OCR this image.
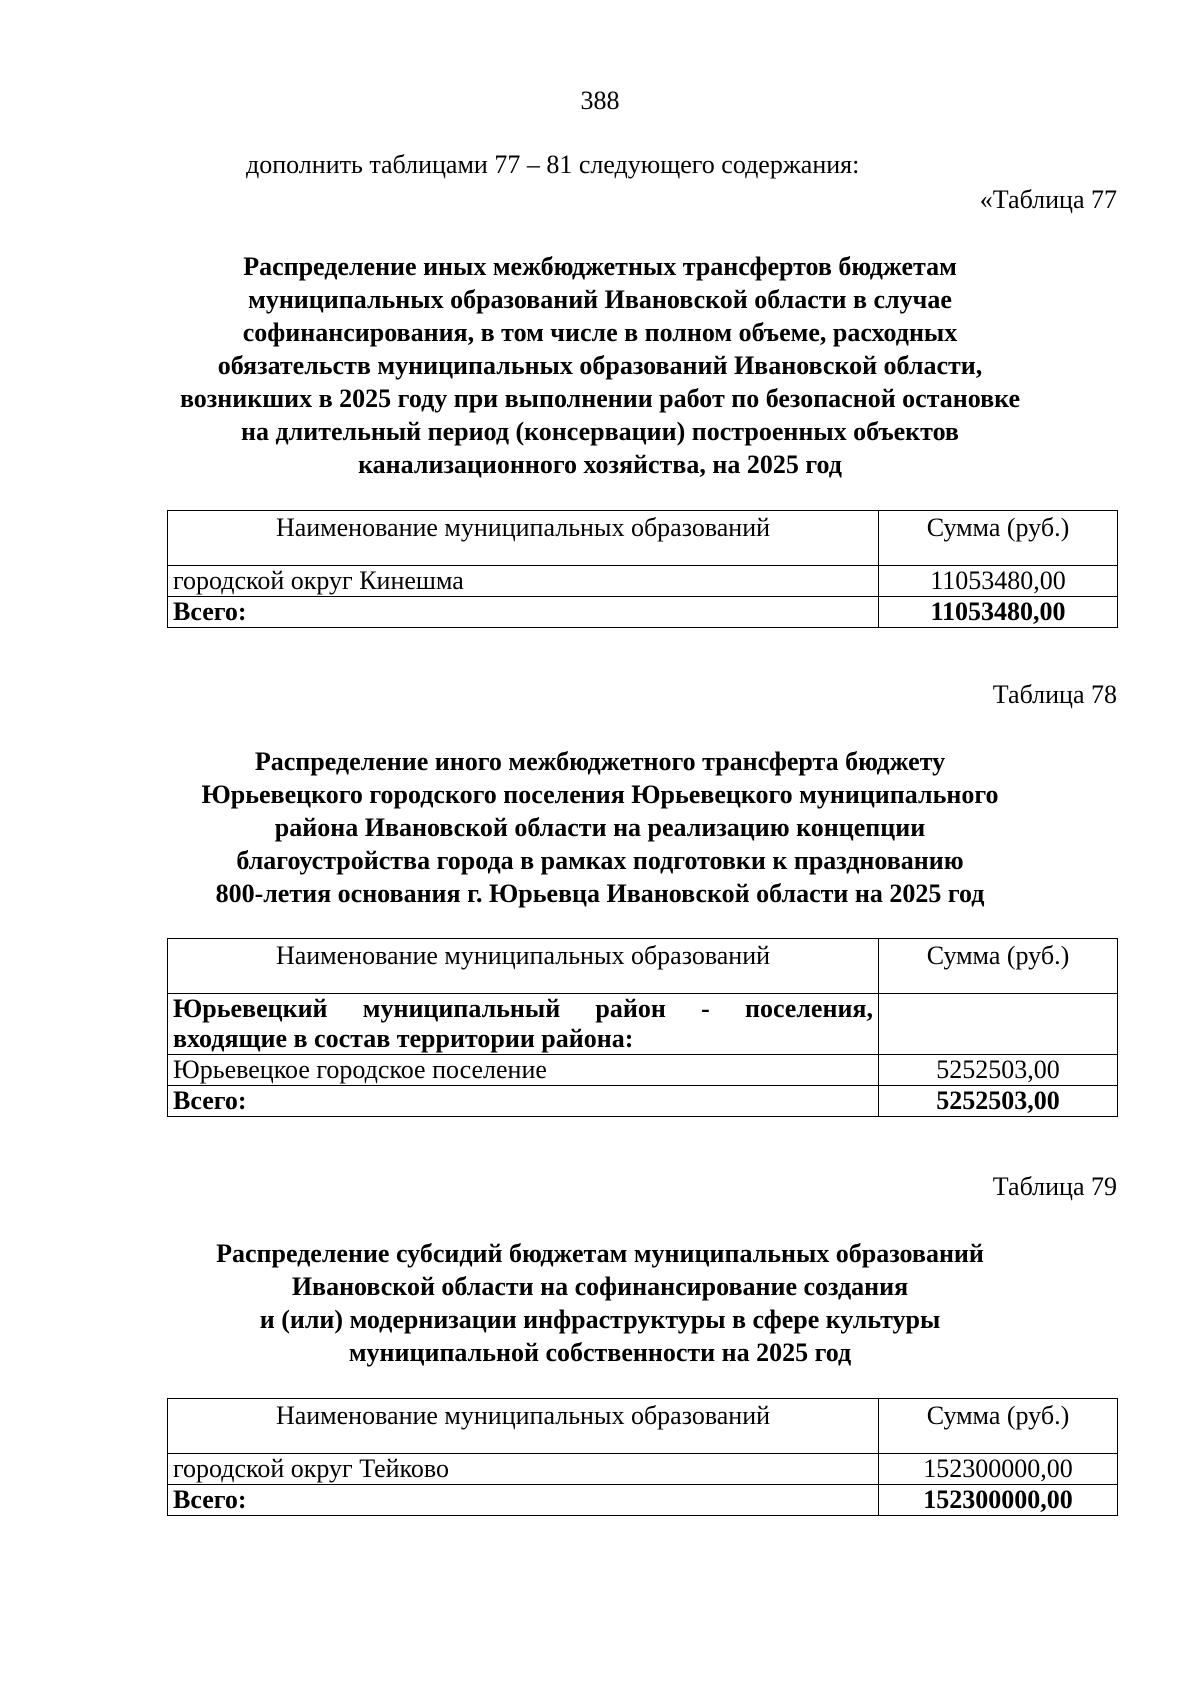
388
дополнить таблицами 77 – 81 следующего содержания:
«Таблица 77
Распределение иных межбюджетных трансфертов бюджетам
муниципальных образований Ивановской области в случае
софинансирования, в том числе в полном объеме, расходных
обязательств муниципальных образований Ивановской области,
возникших в 2025 году при выполнении работ по безопасной остановке
на длительный период (консервации) построенных объектов
канализационного хозяйства, на 2025 год
Наименование муниципальных образований	Сумма (руб.)
городской округ Кинешма	11053480,00
Всего:	11053480,00
Таблица 78
Распределение иного межбюджетного трансферта бюджету
Юрьевецкого городского поселения Юрьевецкого муниципального
района Ивановской области на реализацию концепции
благоустройства города в рамках подготовки к празднованию
800-летия основания г. Юрьевца Ивановской области на 2025 год
Наименование муниципальных образований	Сумма (руб.)
Юрьевецкий муниципальный район - поселения, входящие в состав территории района:	
Юрьевецкое городское поселение	5252503,00
Всего:	5252503,00
Таблица 79
Распределение субсидий бюджетам муниципальных образований
Ивановской области на софинансирование создания
и (или) модернизации инфраструктуры в сфере культуры
муниципальной собственности на 2025 год
Наименование муниципальных образований	Сумма (руб.)
городской округ Тейково	152300000,00
Всего:	152300000,00
